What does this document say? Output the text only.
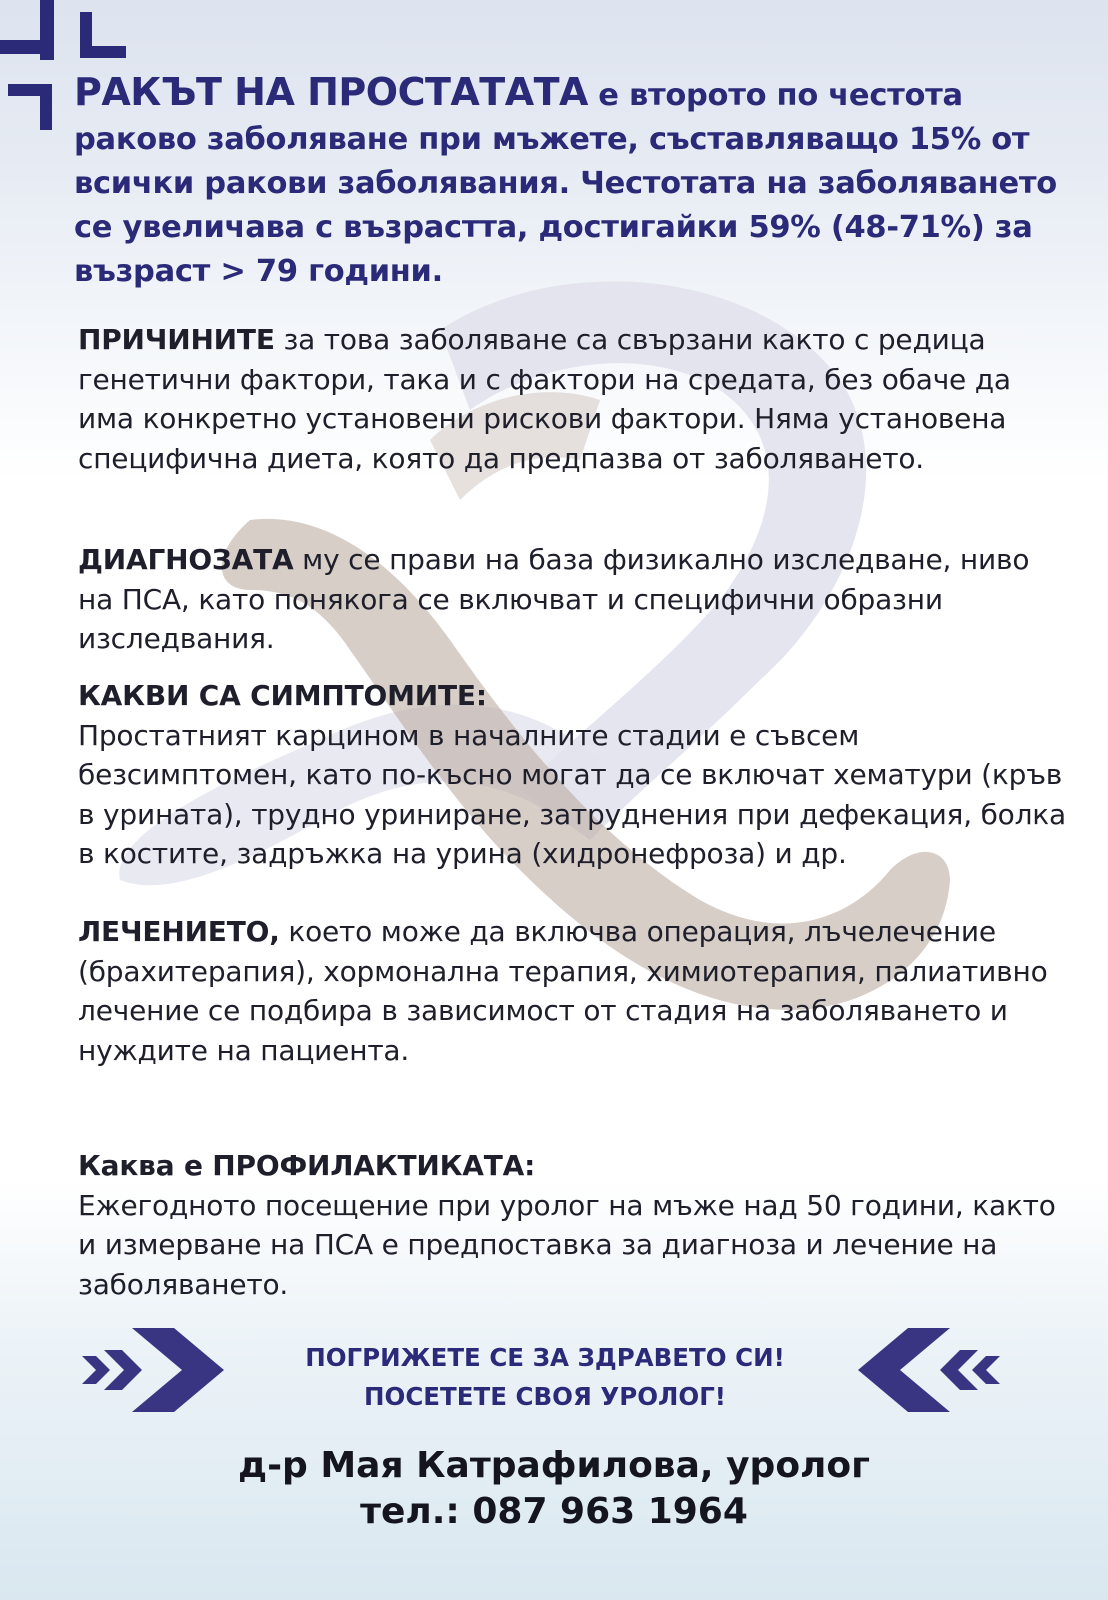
РАКЪТ НА ПРОСТАТАТА е второто по честота раково заболяване при мъжете, съставляващо 15% от всички ракови заболявания. Честотата на заболяването се увеличава с възрастта, достигайки 59% (48-71%) за възраст > 79 години.

ПРИЧИНИТЕ за това заболяване са свързани както с редица генетични фактори, така и с фактори на средата, без обаче да има конкретно установени рискови фактори. Няма установена специфична диета, която да предпазва от заболяването.

ДИАГНОЗАТА му се прави на база физикално изследване, ниво на ПСА, като понякога се включват и специфични образни изследвания.

КАКВИ СА СИМПТОМИТЕ:
Простатният карцином в началните стадии е съвсем безсимптомен, като по-късно могат да се включат хематури (кръв в урината), трудно уриниране, затруднения при дефекация, болка в костите, задръжка на урина (хидронефроза) и др.

ЛЕЧЕНИЕТО, което може да включва операция, лъчелечение (брахитерапия), хормонална терапия, химиотерапия, палиативно лечение се подбира в зависимост от стадия на заболяването и нуждите на пациента.

Каква е ПРОФИЛАКТИКАТА:
Ежегодното посещение при уролог на мъже над 50 години, както и измерване на ПСА е предпоставка за диагноза и лечение на заболяването.

ПОГРИЖЕТЕ СЕ ЗА ЗДРАВЕТО СИ!
ПОСЕТЕТЕ СВОЯ УРОЛОГ!

д-р Мая Катрафилова, уролог
тел.: 087 963 1964
